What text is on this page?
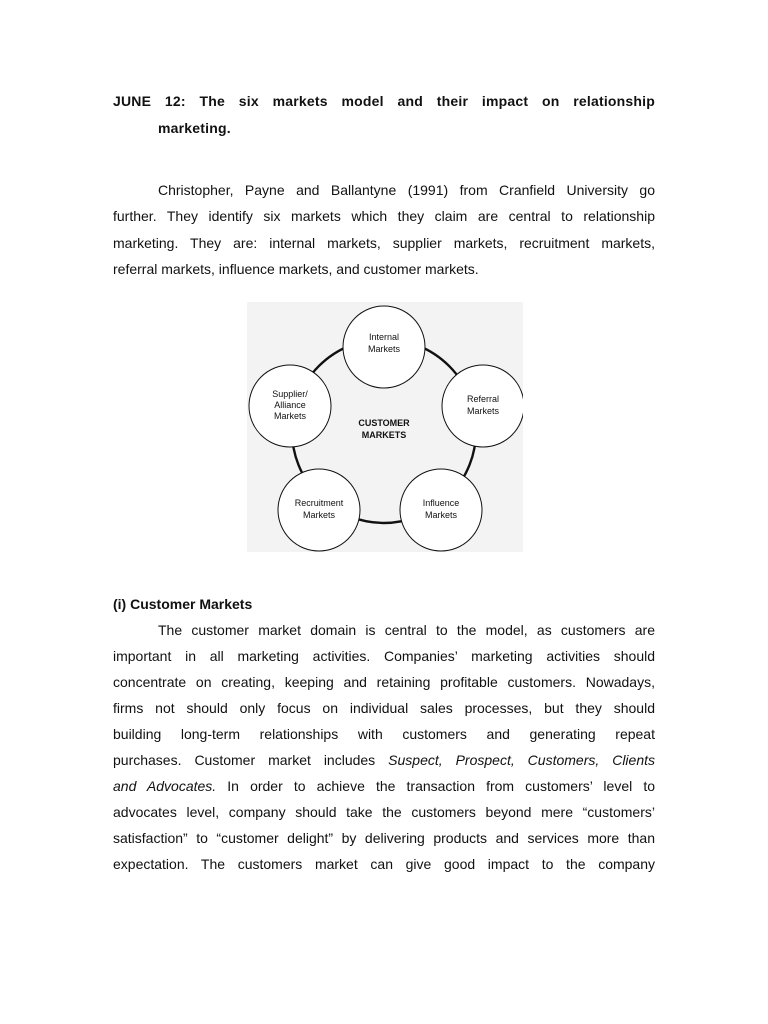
JUNE 12: The six markets model and their impact on relationship
marketing.
Christopher, Payne and Ballantyne (1991) from Cranfield University go
further. They identify six markets which they claim are central to relationship
marketing. They are: internal markets, supplier markets, recruitment markets,
referral markets, influence markets, and customer markets.
CUSTOMER
MARKETS
Internal
Markets
Referral
Markets
Influence
Markets
Recruitment
Markets
Supplier/
Alliance
Markets
(i) Customer Markets
The customer market domain is central to the model, as customers are
important in all marketing activities. Companies’ marketing activities should
concentrate on creating, keeping and retaining profitable customers. Nowadays,
firms not should only focus on individual sales processes, but they should
building long-term relationships with customers and generating repeat
purchases. Customer market includes Suspect, Prospect, Customers, Clients
and Advocates. In order to achieve the transaction from customers’ level to
advocates level, company should take the customers beyond mere “customers’
satisfaction” to “customer delight” by delivering products and services more than
expectation. The customers market can give good impact to the company
